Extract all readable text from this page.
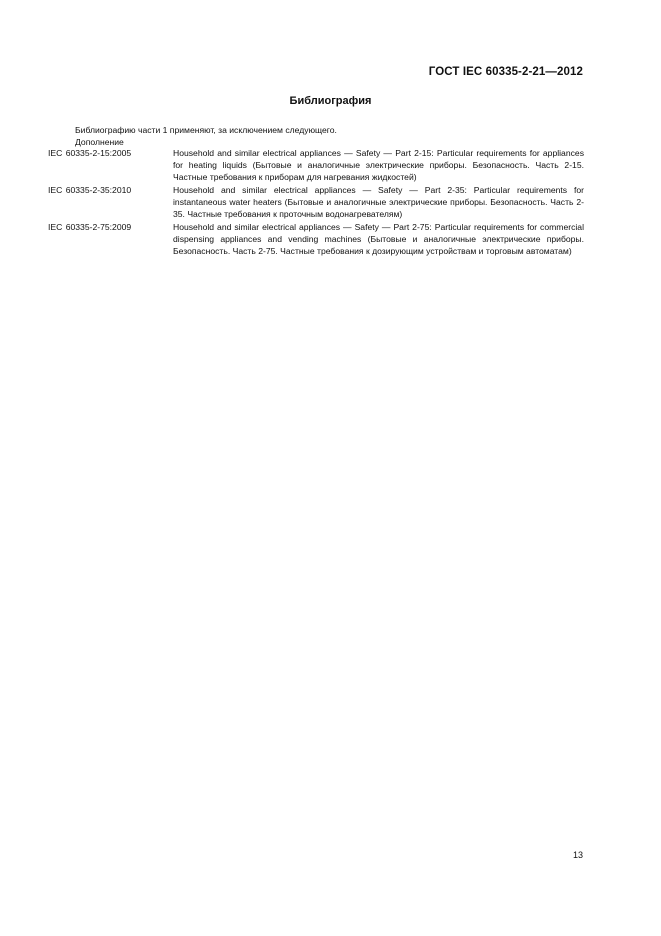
ГОСТ IEC 60335-2-21—2012
Библиография
Библиографию части 1 применяют, за исключением следующего.
Дополнение
IEC 60335-2-15:2005	Household and similar electrical appliances — Safety — Part 2-15: Particular requirements for appliances for heating liquids (Бытовые и аналогичные электрические приборы. Безопасность. Часть 2-15. Частные требования к приборам для нагревания жидкостей)
IEC 60335-2-35:2010	Household and similar electrical appliances — Safety — Part 2-35: Particular requirements for instantaneous water heaters (Бытовые и аналогичные электрические приборы. Безопасность. Часть 2-35. Частные требования к проточным водонагревателям)
IEC 60335-2-75:2009	Household and similar electrical appliances — Safety — Part 2-75: Particular requirements for commercial dispensing appliances and vending machines (Бытовые и аналогичные электрические приборы. Безопасность. Часть 2-75. Частные требования к дозирующим устройствам и торговым автоматам)
13
